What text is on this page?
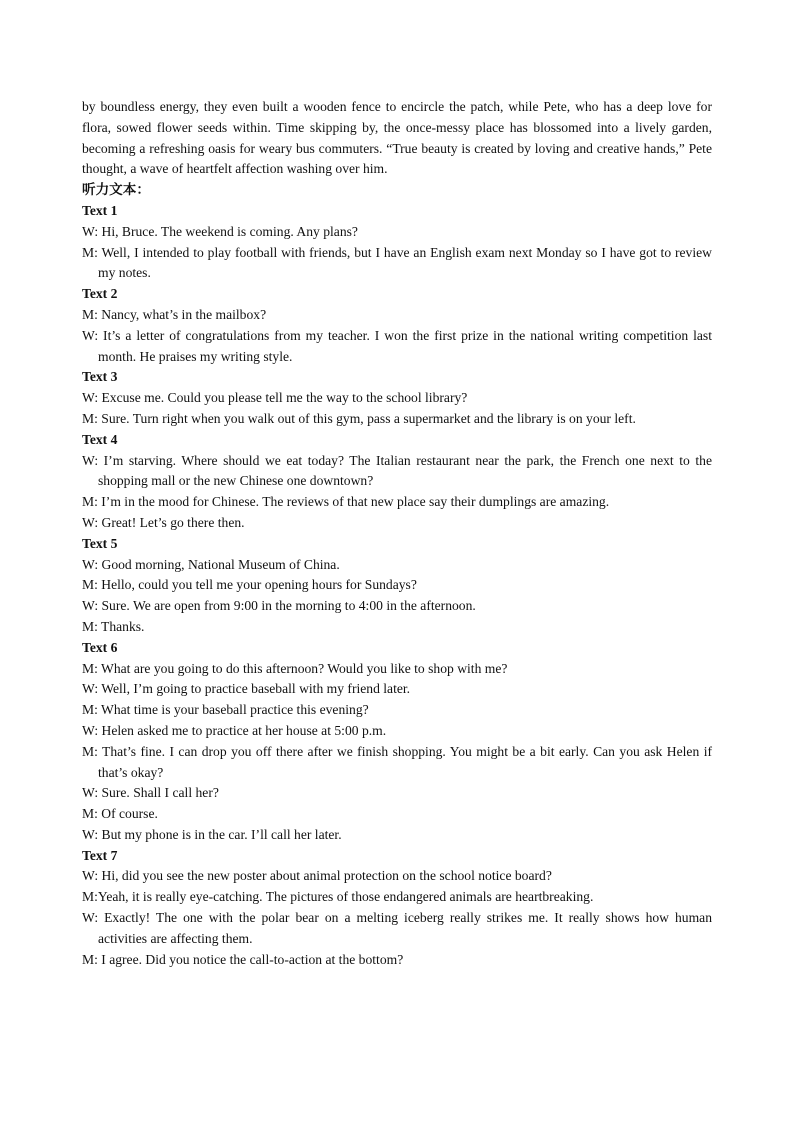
by boundless energy, they even built a wooden fence to encircle the patch, while Pete, who has a deep love for flora, sowed flower seeds within. Time skipping by, the once-messy place has blossomed into a lively garden, becoming a refreshing oasis for weary bus commuters. “True beauty is created by loving and creative hands,” Pete thought, a wave of heartfelt affection washing over him.

听力文本：

Text 1

W: Hi, Bruce. The weekend is coming. Any plans?

M: Well, I intended to play football with friends, but I have an English exam next Monday so I have got to review my notes.

Text 2

M: Nancy, what’s in the mailbox?

W: It’s a letter of congratulations from my teacher. I won the first prize in the national writing competition last month. He praises my writing style.

Text 3

W: Excuse me. Could you please tell me the way to the school library?

M: Sure. Turn right when you walk out of this gym, pass a supermarket and the library is on your left.

Text 4

W: I’m starving. Where should we eat today? The Italian restaurant near the park, the French one next to the shopping mall or the new Chinese one downtown?

M: I’m in the mood for Chinese. The reviews of that new place say their dumplings are amazing.

W: Great! Let’s go there then.

Text 5

W: Good morning, National Museum of China.

M: Hello, could you tell me your opening hours for Sundays?

W: Sure. We are open from 9:00 in the morning to 4:00 in the afternoon.

M: Thanks.

Text 6

M: What are you going to do this afternoon? Would you like to shop with me?

W: Well, I’m going to practice baseball with my friend later.

M: What time is your baseball practice this evening?

W: Helen asked me to practice at her house at 5:00 p.m.

M: That’s fine. I can drop you off there after we finish shopping. You might be a bit early. Can you ask Helen if that’s okay?

W: Sure. Shall I call her?

M: Of course.

W: But my phone is in the car. I’ll call her later.

Text 7

W: Hi, did you see the new poster about animal protection on the school notice board?

M:Yeah, it is really eye-catching. The pictures of those endangered animals are heartbreaking.

W: Exactly! The one with the polar bear on a melting iceberg really strikes me. It really shows how human activities are affecting them.

M: I agree. Did you notice the call-to-action at the bottom?
